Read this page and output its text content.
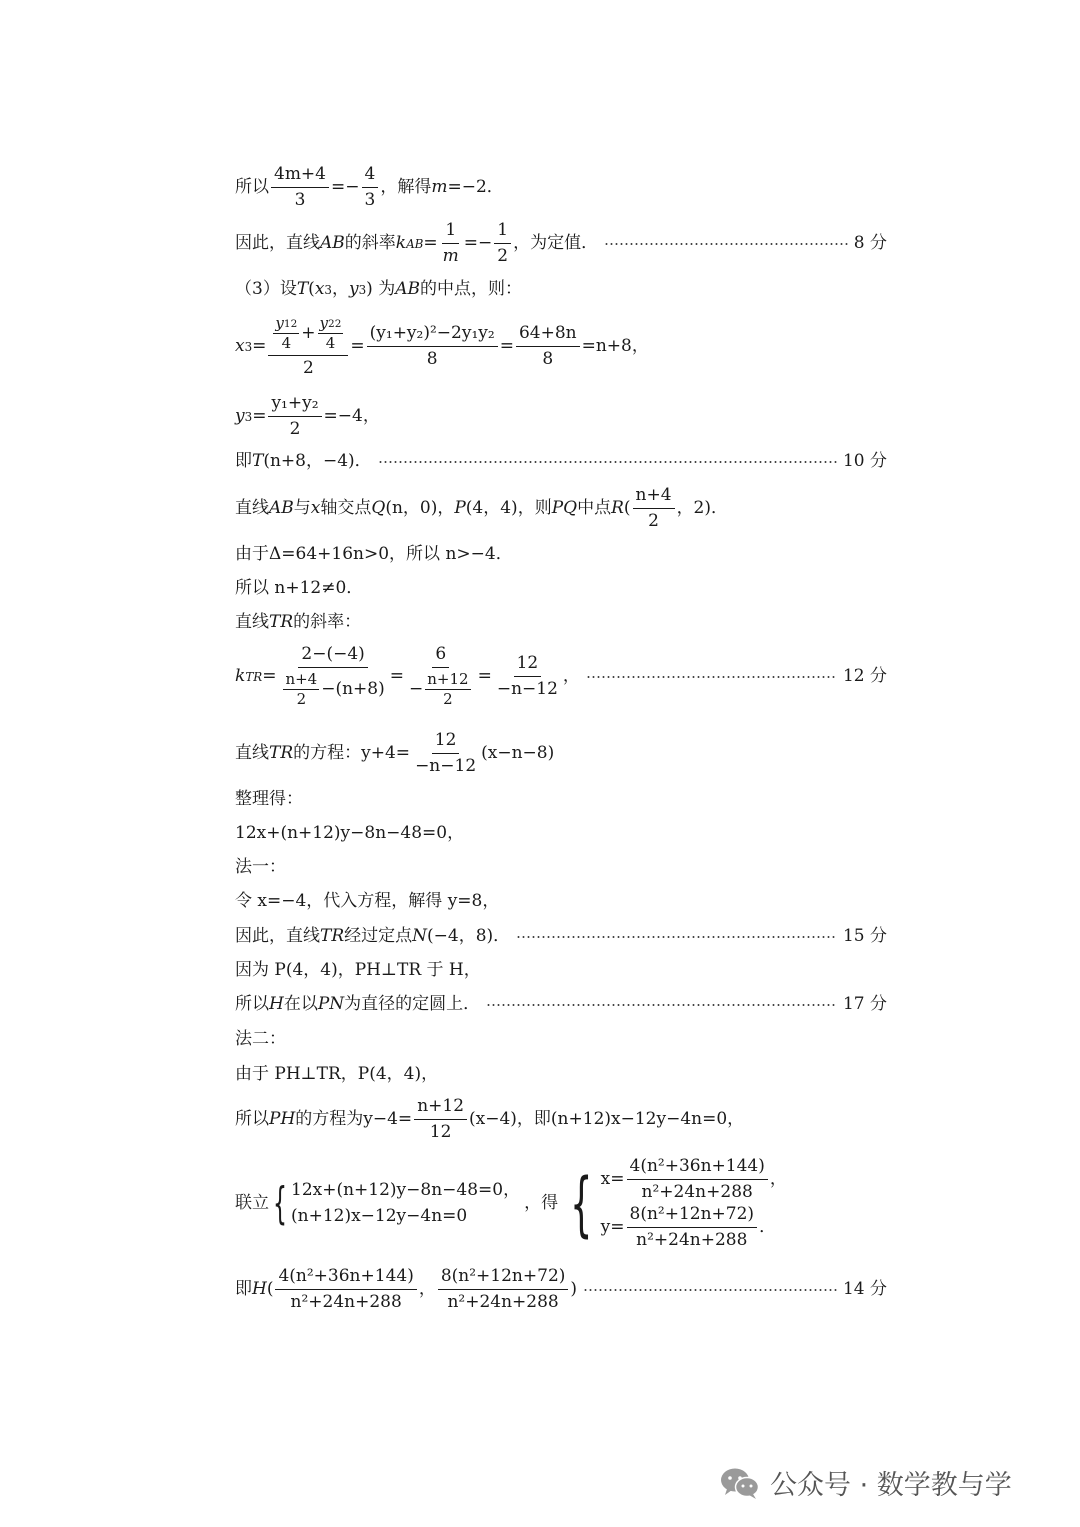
所以 $\frac{4m+4}{3} =- \frac{4}{3}$ ，解得 m =−2．
因此，直线 AB 的斜率 k AB = $\frac{1}{m} =- \frac{1}{2}$ ，为定值．	8 分
（3）设 T ( x 3 ， y 3 ) 为 AB 的中点，则：
x $3 = \frac{\frac{y 1 2}{4} + \frac{y 2 2}{4}}{2} = \frac{\text{(y₁+y₂)²−2y₁y₂}}{8} = \frac{64+8n}{8} =n+8$，
y $3 = \frac{\text{y₁+y₂}}{2} =-4$，
即 T (n+8，−4)．	10 分
直线 AB 与 x 轴交点 Q (n，0)， P (4，4)，则 PQ 中点 R ( $\frac{n+4}{2}$ ，2)．
由于Δ=64+16n>0，所以 n>−4．
所以 n+12≠0．
直线 TR 的斜率：
k TR = $\frac{2-(-4)}{\frac{n+4}{2} -(n+8)} = \frac{6}{- \frac{n+12}{2}} = \frac{12}{-n-12}$ ，	12 分
直线 TR 的方程： $y+4= \frac{12}{-n-12} (x-n-8)$
整理得：
12x+(n+12)y−8n−48=0，
法一：
令 x=−4，代入方程，解得 y=8，
因此，直线 TR 经过定点 N (−4，8)．	15 分
因为 P(4，4)，PH⊥TR 于 H，
所以 H 在以 PN 为直径的定圆上．	17 分
法二：
由于 PH⊥TR，P(4，4)，
所以 PH 的方程为 $y-4= \frac{n+12}{12} (x-4)$，即(n+12)x−12y−4n=0，
联立 { 12x+(n+12)y−8n−48=0，
(n+12)x−12y−4n=0
，得 { $x= \frac{\text{4(n²+36n+144)}}{\text{n²+24n+288}}$ ，
$y= \frac{\text{8(n²+12n+72)}}{\text{n²+24n+288}}$ ．
即 H ( $\frac{\text{4(n²+36n+144)}}{\text{n²+24n+288}}$ ， $\frac{\text{8(n²+12n+72)}}{\text{n²+24n+288}}$ )	14 分
公众号 · 数学教与学
